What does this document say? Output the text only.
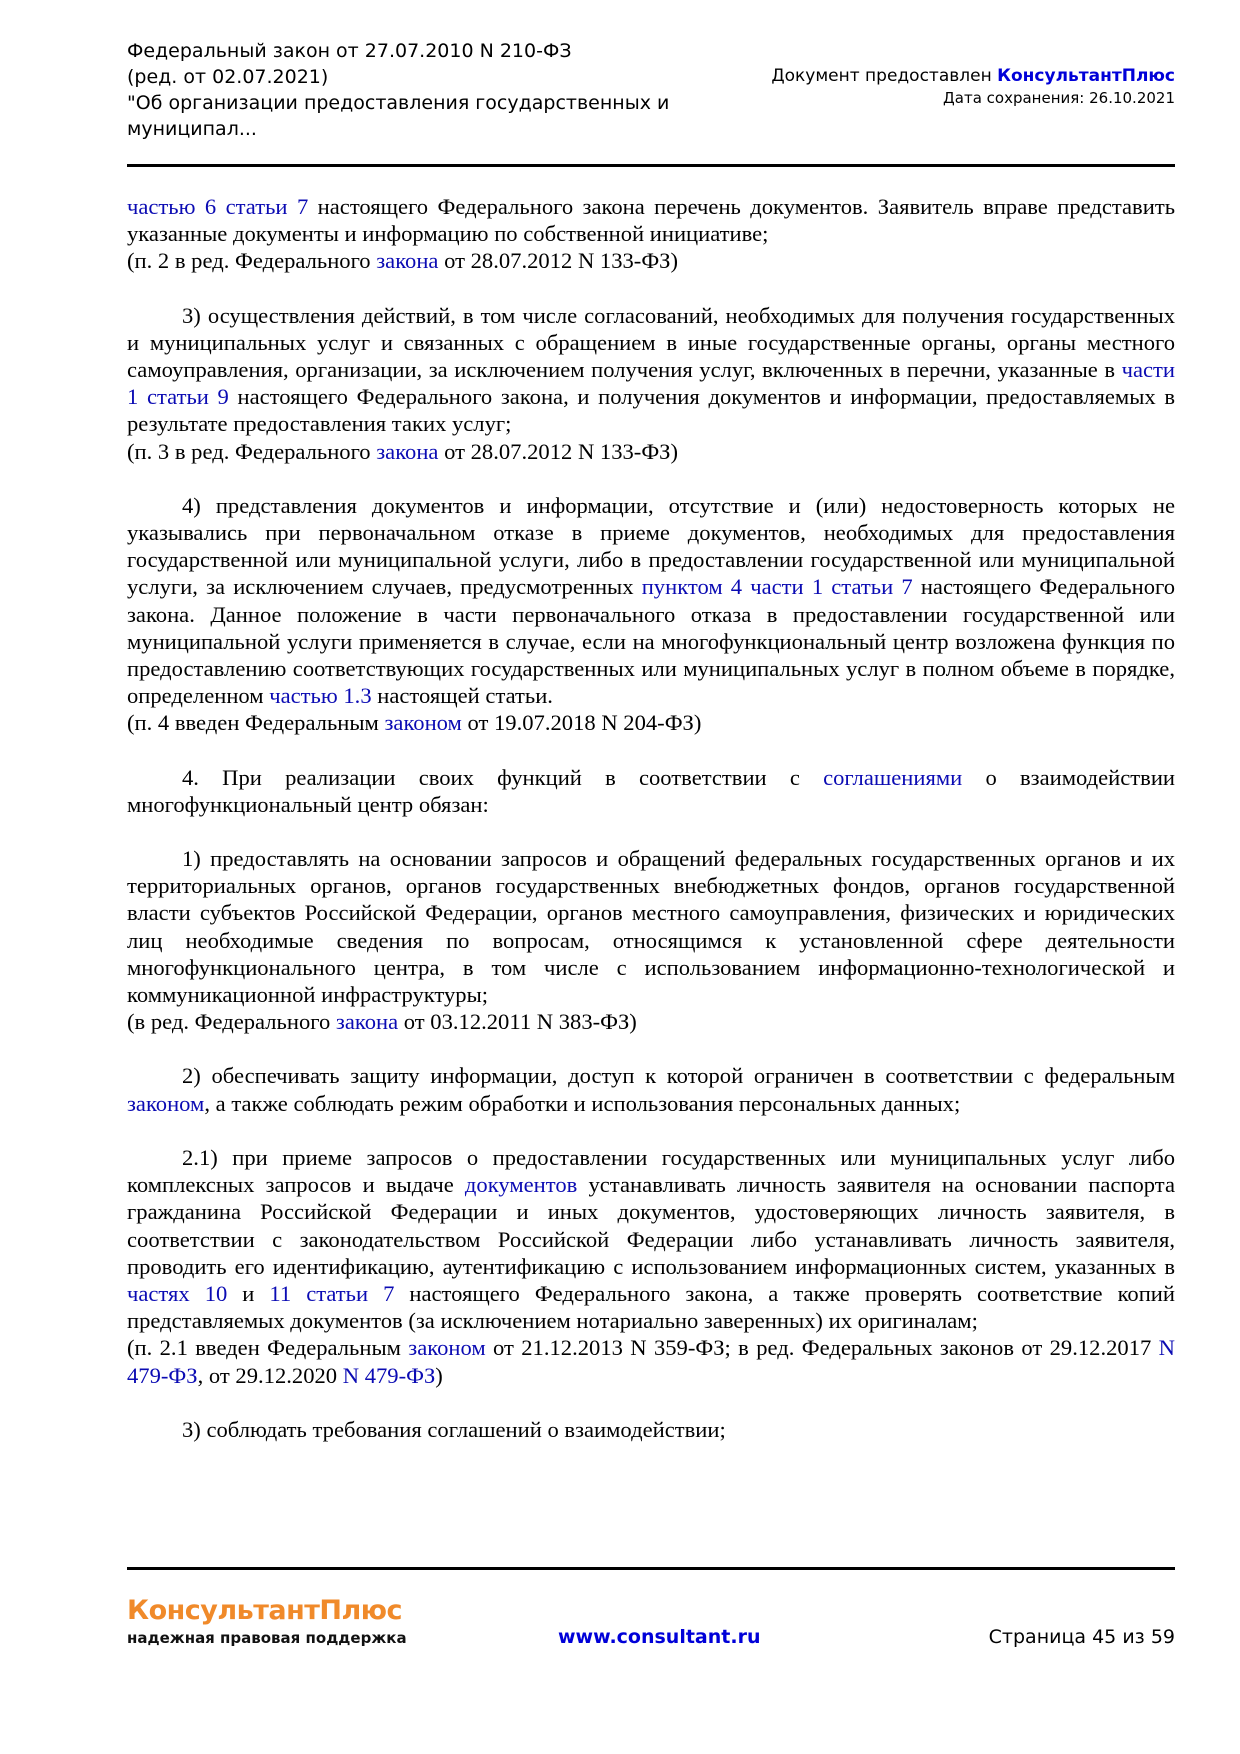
Федеральный закон от 27.07.2010 N 210-ФЗ
(ред. от 02.07.2021)
"Об организации предоставления государственных и
муниципал...
Документ предоставлен КонсультантПлюс
Дата сохранения: 26.10.2021

частью 6 статьи 7 настоящего Федерального закона перечень документов. Заявитель вправе представить указанные документы и информацию по собственной инициативе;

(п. 2 в ред. Федерального закона от 28.07.2012 N 133-ФЗ)

3) осуществления действий, в том числе согласований, необходимых для получения государственных и муниципальных услуг и связанных с обращением в иные государственные органы, органы местного самоуправления, организации, за исключением получения услуг, включенных в перечни, указанные в части 1 статьи 9 настоящего Федерального закона, и получения документов и информации, предоставляемых в результате предоставления таких услуг;

(п. 3 в ред. Федерального закона от 28.07.2012 N 133-ФЗ)

4) представления документов и информации, отсутствие и (или) недостоверность которых не указывались при первоначальном отказе в приеме документов, необходимых для предоставления государственной или муниципальной услуги, либо в предоставлении государственной или муниципальной услуги, за исключением случаев, предусмотренных пунктом 4 части 1 статьи 7 настоящего Федерального закона. Данное положение в части первоначального отказа в предоставлении государственной или муниципальной услуги применяется в случае, если на многофункциональный центр возложена функция по предоставлению соответствующих государственных или муниципальных услуг в полном объеме в порядке, определенном частью 1.3 настоящей статьи.

(п. 4 введен Федеральным законом от 19.07.2018 N 204-ФЗ)

4. При реализации своих функций в соответствии с соглашениями о взаимодействии многофункциональный центр обязан:

1) предоставлять на основании запросов и обращений федеральных государственных органов и их территориальных органов, органов государственных внебюджетных фондов, органов государственной власти субъектов Российской Федерации, органов местного самоуправления, физических и юридических лиц необходимые сведения по вопросам, относящимся к установленной сфере деятельности многофункционального центра, в том числе с использованием информационно-технологической и коммуникационной инфраструктуры;

(в ред. Федерального закона от 03.12.2011 N 383-ФЗ)

2) обеспечивать защиту информации, доступ к которой ограничен в соответствии с федеральным законом, а также соблюдать режим обработки и использования персональных данных;

2.1) при приеме запросов о предоставлении государственных или муниципальных услуг либо комплексных запросов и выдаче документов устанавливать личность заявителя на основании паспорта гражданина Российской Федерации и иных документов, удостоверяющих личность заявителя, в соответствии с законодательством Российской Федерации либо устанавливать личность заявителя, проводить его идентификацию, аутентификацию с использованием информационных систем, указанных в частях 10 и 11 статьи 7 настоящего Федерального закона, а также проверять соответствие копий представляемых документов (за исключением нотариально заверенных) их оригиналам;

(п. 2.1 введен Федеральным законом от 21.12.2013 N 359-ФЗ; в ред. Федеральных законов от 29.12.2017 N 479-ФЗ, от 29.12.2020 N 479-ФЗ)

3) соблюдать требования соглашений о взаимодействии;

КонсультантПлюс
надежная правовая поддержка	www.consultant.ru	Страница 45 из 59
